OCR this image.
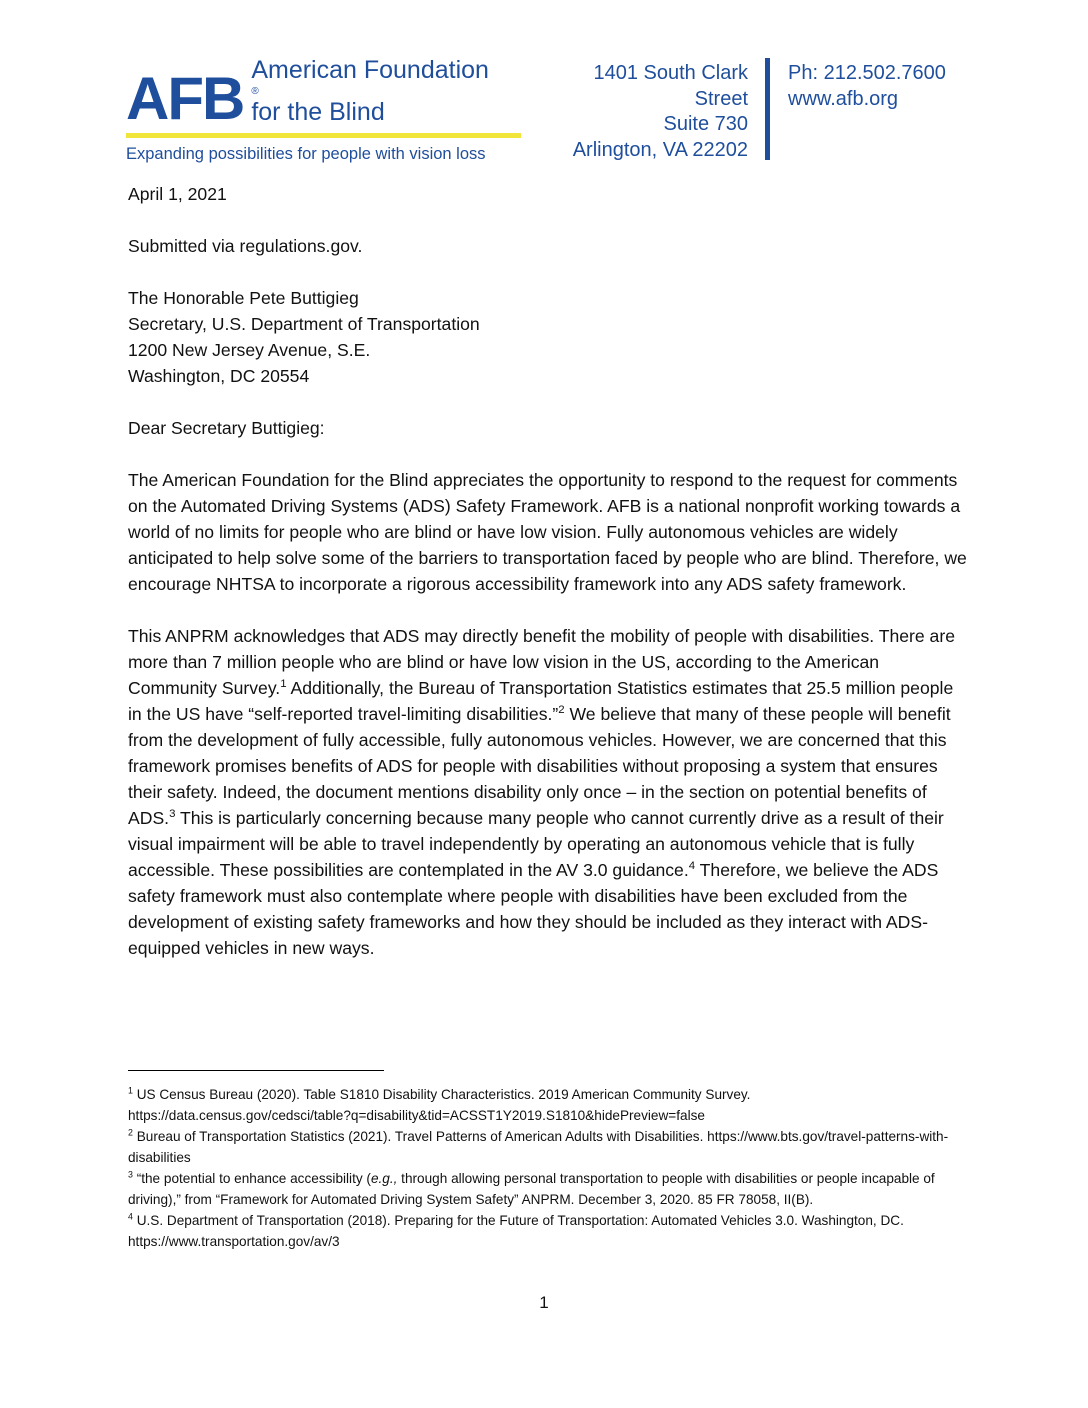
AFB American Foundation
®
for the Blind
Expanding possibilities for people with vision loss
1401 South Clark
Street
Suite 730
Arlington, VA 22202
Ph: 212.502.7600
www.afb.org

April 1, 2021

Submitted via regulations.gov.

The Honorable Pete Buttigieg

Secretary, U.S. Department of Transportation

1200 New Jersey Avenue, S.E.

Washington, DC 20554

Dear Secretary Buttigieg:

The American Foundation for the Blind appreciates the opportunity to respond to the request for comments on the Automated Driving Systems (ADS) Safety Framework. AFB is a national nonprofit working towards a world of no limits for people who are blind or have low vision. Fully autonomous vehicles are widely anticipated to help solve some of the barriers to transportation faced by people who are blind. Therefore, we encourage NHTSA to incorporate a rigorous accessibility framework into any ADS safety framework.

This ANPRM acknowledges that ADS may directly benefit the mobility of people with disabilities. There are more than 7 million people who are blind or have low vision in the US, according to the American Community Survey.$^1$ Additionally, the Bureau of Transportation Statistics estimates that 25.5 million people in the US have “self-reported travel-limiting disabilities.”$^2$ We believe that many of these people will benefit from the development of fully accessible, fully autonomous vehicles. However, we are concerned that this framework promises benefits of ADS for people with disabilities without proposing a system that ensures their safety. Indeed, the document mentions disability only once – in the section on potential benefits of ADS.$^3$ This is particularly concerning because many people who cannot currently drive as a result of their visual impairment will be able to travel independently by operating an autonomous vehicle that is fully accessible. These possibilities are contemplated in the AV 3.0 guidance.$^4$ Therefore, we believe the ADS safety framework must also contemplate where people with disabilities have been excluded from the development of existing safety frameworks and how they should be included as they interact with ADS-equipped vehicles in new ways.

$^1$ US Census Bureau (2020). Table S1810 Disability Characteristics. 2019 American Community Survey. https://data.census.gov/cedsci/table?q=disability&tid=ACSST1Y2019.S1810&hidePreview=false

$^2$ Bureau of Transportation Statistics (2021). Travel Patterns of American Adults with Disabilities. https://www.bts.gov/travel-patterns-with-disabilities

$^3$ “the potential to enhance accessibility (e.g., through allowing personal transportation to people with disabilities or people incapable of driving),” from “Framework for Automated Driving System Safety” ANPRM. December 3, 2020. 85 FR 78058, II(B).

$^4$ U.S. Department of Transportation (2018). Preparing for the Future of Transportation: Automated Vehicles 3.0. Washington, DC. https://www.transportation.gov/av/3

1
